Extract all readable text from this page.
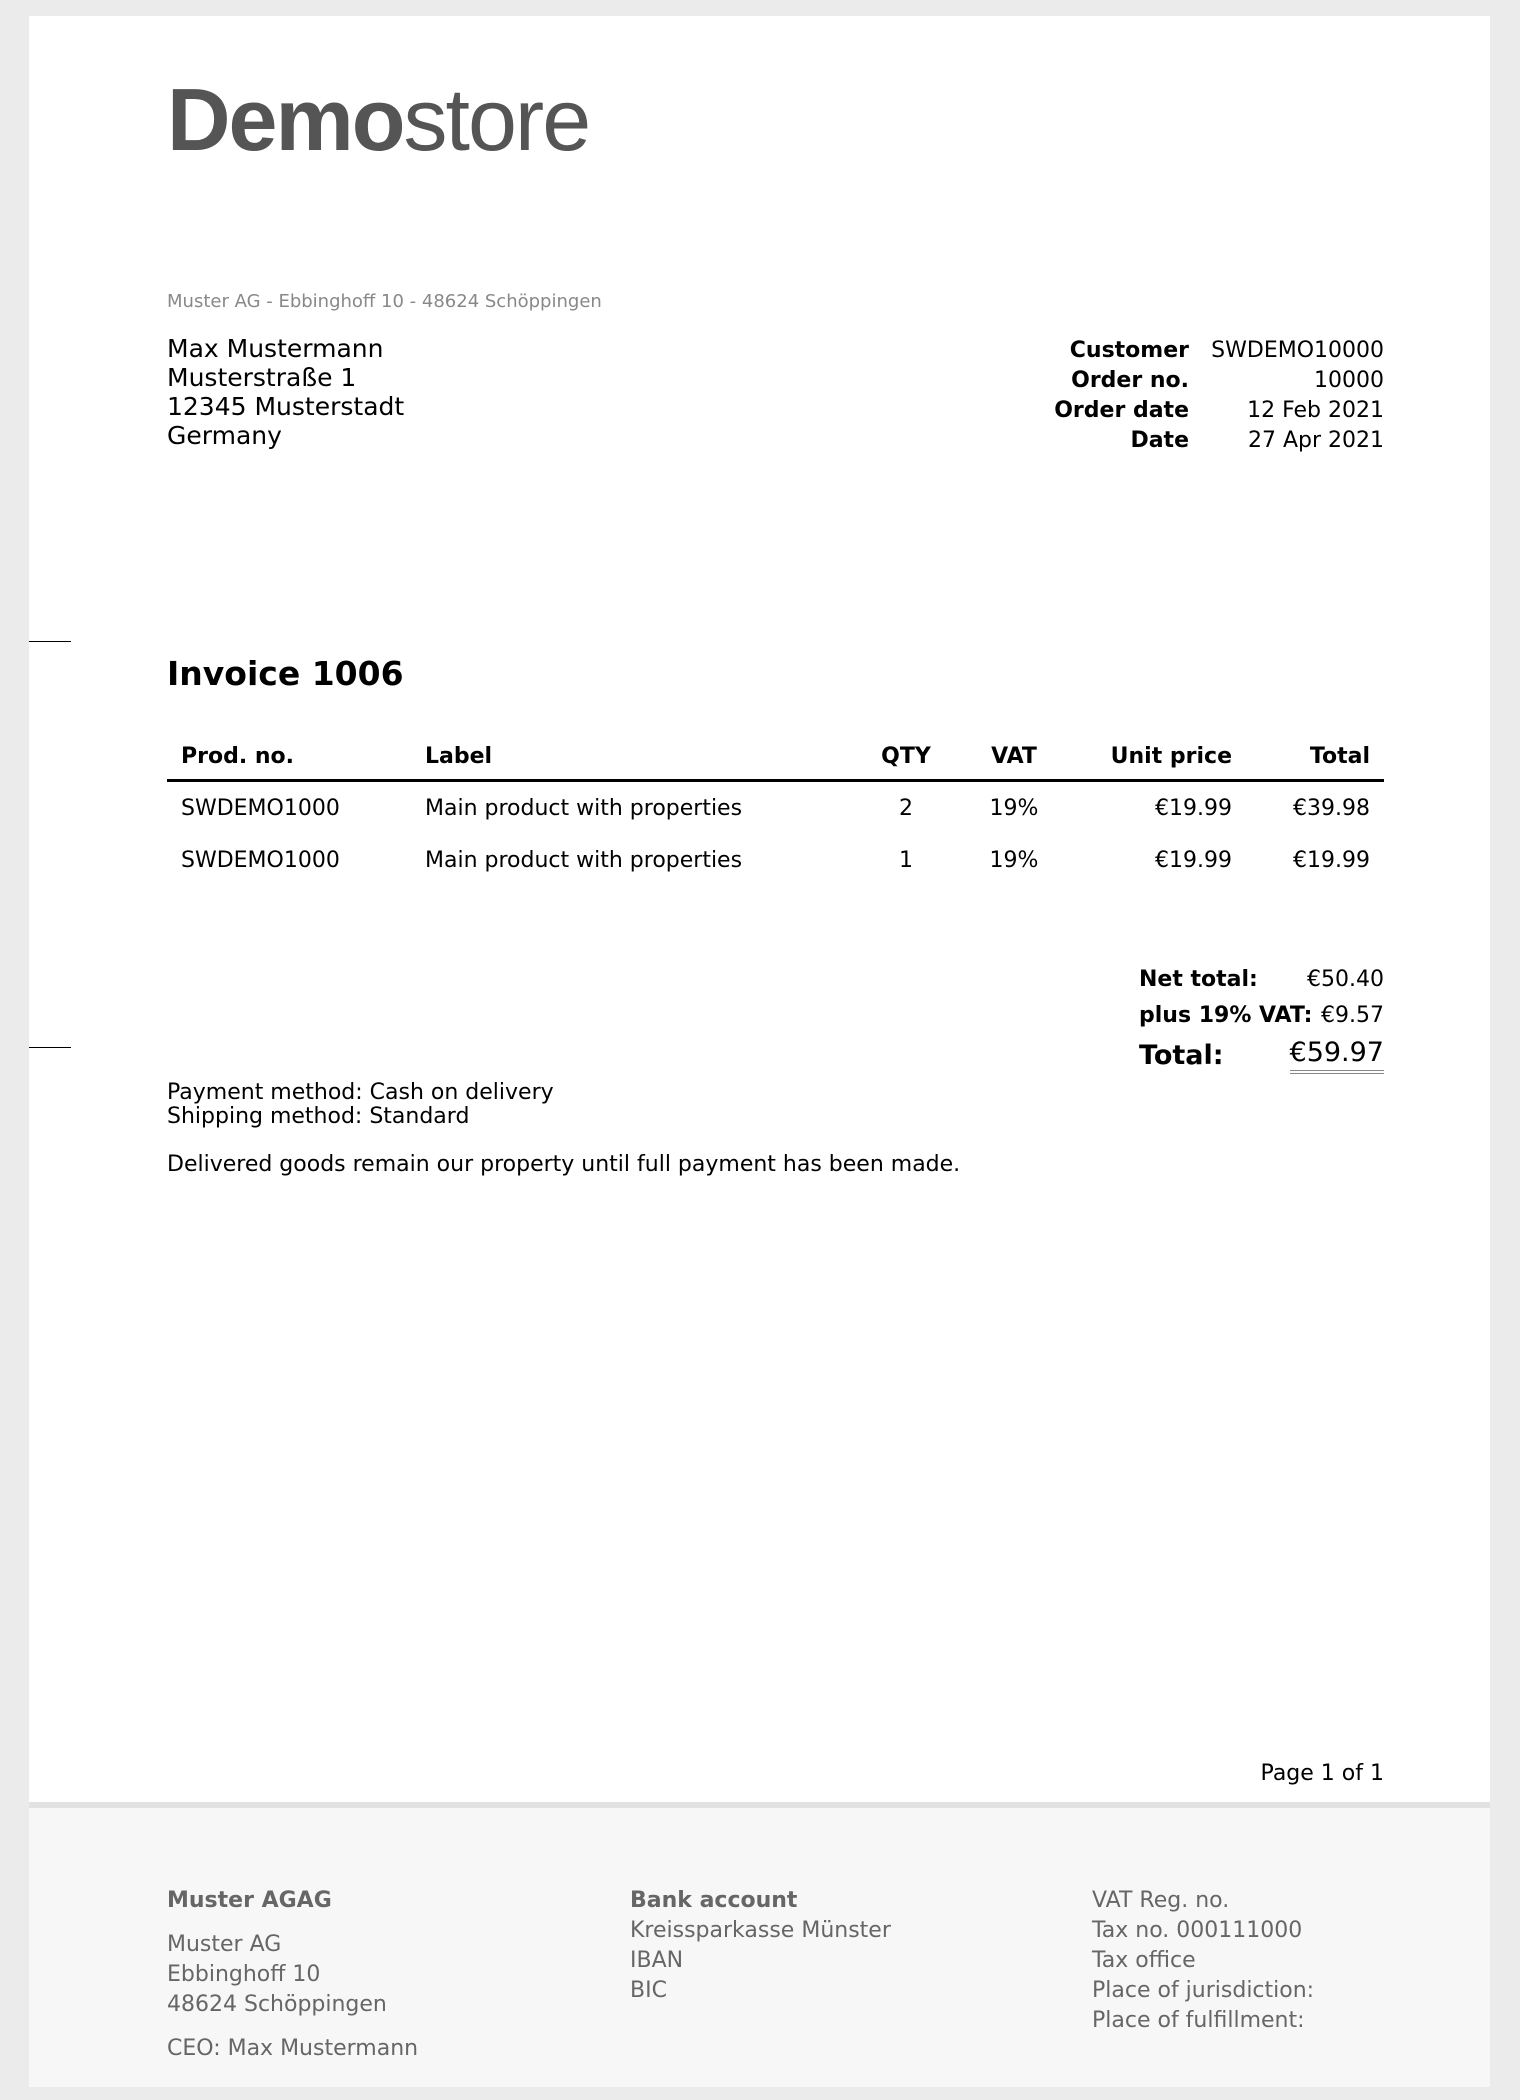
Demostore
Muster AG - Ebbinghoff 10 - 48624 Schöppingen
Max Mustermann
Musterstraße 1
12345 Musterstadt
Germany
Customer	SWDEMO10000
Order no.	10000
Order date	12 Feb 2021
Date	27 Apr 2021
Invoice 1006
Prod. no.	Label	QTY	VAT	Unit price	Total
SWDEMO1000	Main product with properties	2	19%	€19.99	€39.98
SWDEMO1000	Main product with properties	1	19%	€19.99	€19.99
Net total: €50.40
plus 19% VAT: €9.57
Total: €59.97

Payment method: Cash on delivery

Shipping method: Standard

Delivered goods remain our property until full payment has been made.

Page 1 of 1
Muster AGAG
Muster AG
Ebbinghoff 10
48624 Schöppingen
CEO: Max Mustermann
Bank account
Kreissparkasse Münster
IBAN
BIC
VAT Reg. no.
Tax no. 000111000
Tax office
Place of jurisdiction:
Place of fulfillment:
